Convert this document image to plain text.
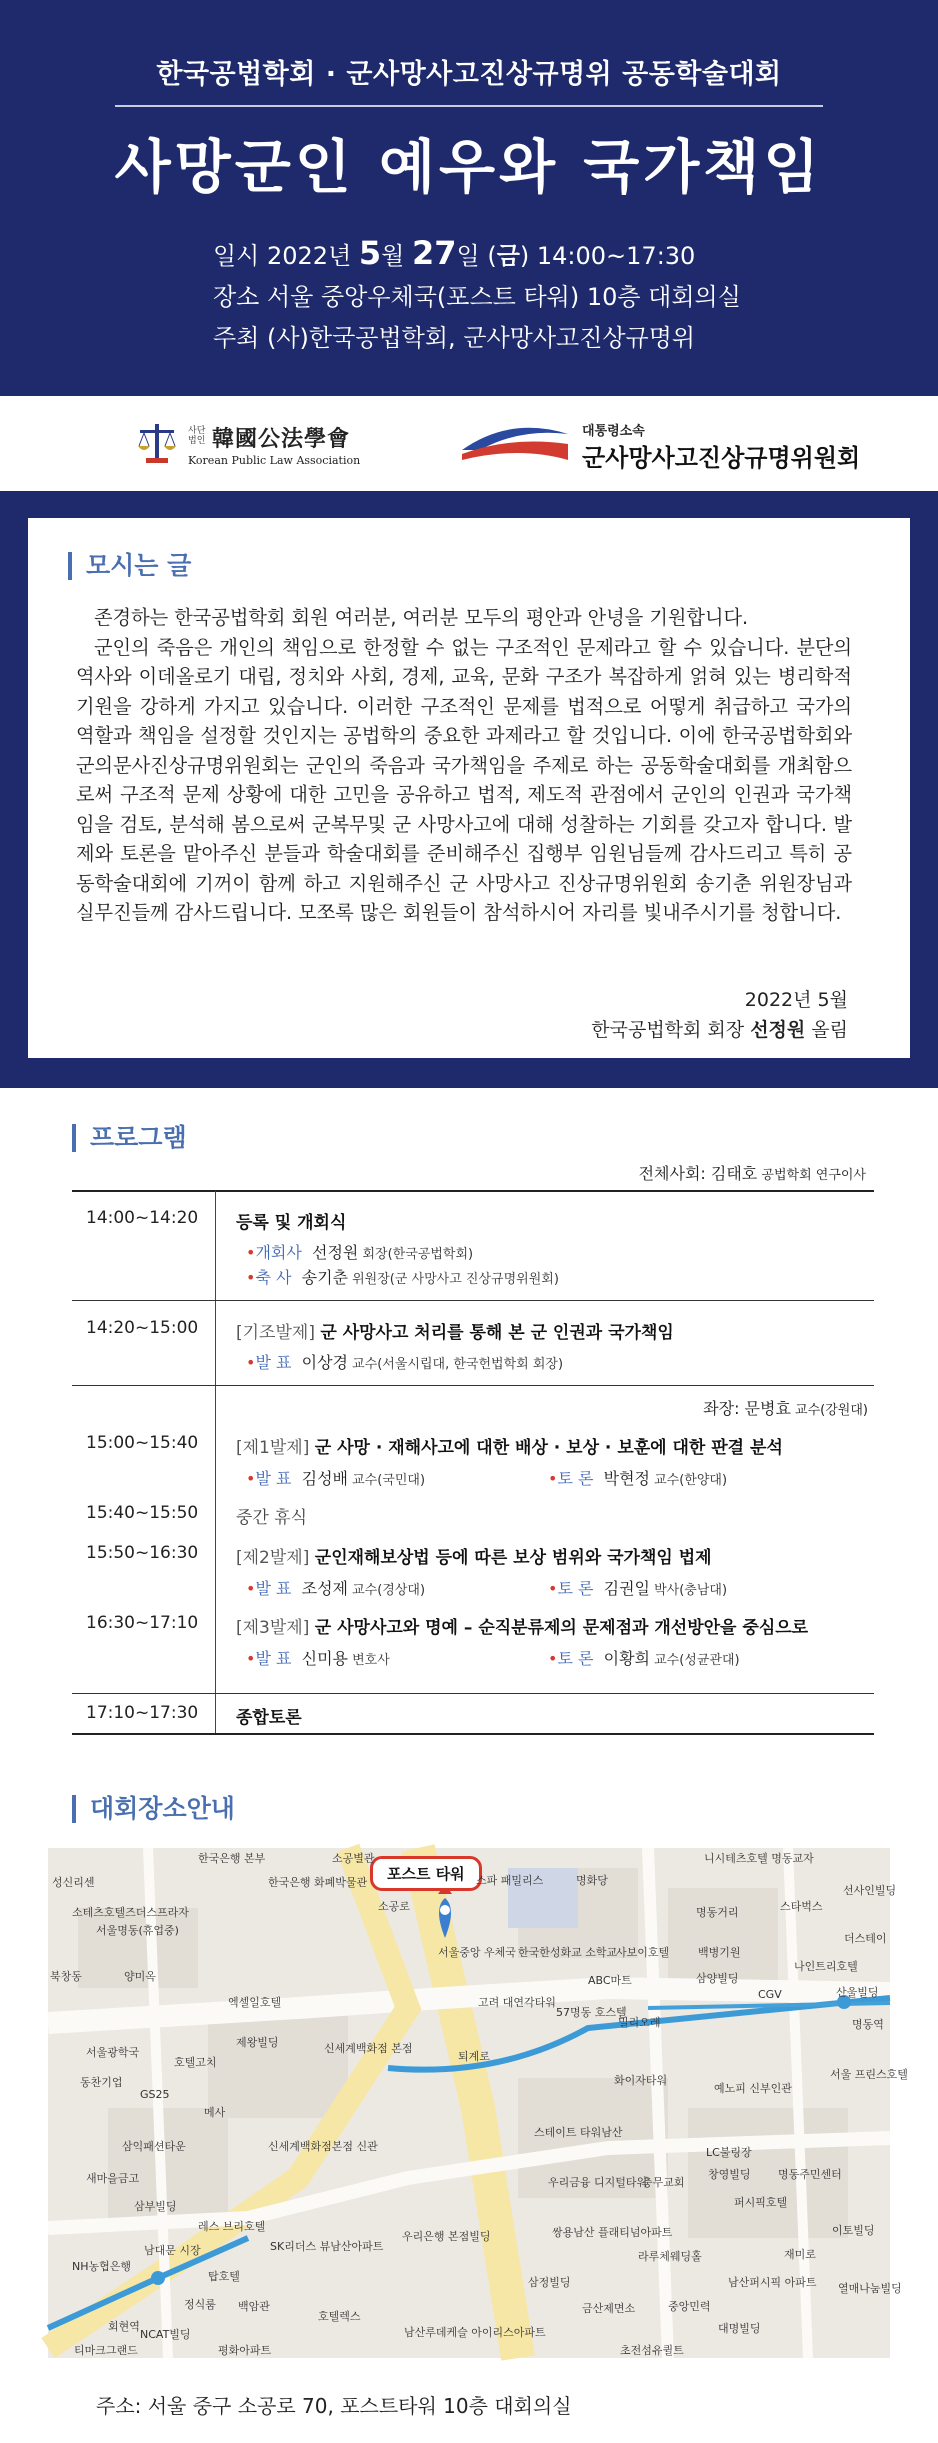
한국공법학회 · 군사망사고진상규명위 공동학술대회
사망군인 예우와 국가책임
일시 2022년 5월 27일 (금) 14:00~17:30
장소 서울 중앙우체국(포스트 타워) 10층 대회의실
주최 (사)한국공법학회, 군사망사고진상규명위
사단
법인 韓國公法學會
Korean Public Law Association
대통령소속
군사망사고진상규명위원회
모시는 글

존경하는 한국공법학회 회원 여러분, 여러분 모두의 평안과 안녕을 기원합니다.

군인의 죽음은 개인의 책임으로 한정할 수 없는 구조적인 문제라고 할 수 있습니다. 분단의 역사와 이데올로기 대립, 정치와 사회, 경제, 교육, 문화 구조가 복잡하게 얽혀 있는 병리학적 기원을 강하게 가지고 있습니다. 이러한 구조적인 문제를 법적으로 어떻게 취급하고 국가의 역할과 책임을 설정할 것인지는 공법학의 중요한 과제라고 할 것입니다. 이에 한국공법학회와 군의문사진상규명위원회는 군인의 죽음과 국가책임을 주제로 하는 공동학술대회를 개최함으로써 구조적 문제 상황에 대한 고민을 공유하고 법적, 제도적 관점에서 군인의 인권과 국가책임을 검토, 분석해 봄으로써 군복무및 군 사망사고에 대해 성찰하는 기회를 갖고자 합니다. 발제와 토론을 맡아주신 분들과 학술대회를 준비해주신 집행부 임원님들께 감사드리고 특히 공동학술대회에 기꺼이 함께 하고 지원해주신 군 사망사고 진상규명위원회 송기춘 위원장님과 실무진들께 감사드립니다. 모쪼록 많은 회원들이 참석하시어 자리를 빛내주시기를 청합니다.

2022년 5월
한국공법학회 회장 선정원 올림
프로그램
전체사회: 김태호 공법학회 연구이사
14:00~14:20 등록 및 개회식
•개회사 선정원 회장(한국공법학회)
•축 사 송기춘 위원장(군 사망사고 진상규명위원회)
14:20~15:00 [기조발제] 군 사망사고 처리를 통해 본 군 인권과 국가책임
•발 표 이상경 교수(서울시립대, 한국헌법학회 회장)
좌장: 문병효 교수(강원대)
15:00~15:40 [제1발제] 군 사망 · 재해사고에 대한 배상 · 보상 · 보훈에 대한 판결 분석
•발 표 김성배 교수(국민대)	•토 론 박현정 교수(한양대)
15:40~15:50 중간 휴식
15:50~16:30 [제2발제] 군인재해보상법 등에 따른 보상 범위와 국가책임 법제
•발 표 조성제 교수(경상대)	•토 론 김권일 박사(충남대)
16:30~17:10 [제3발제] 군 사망사고와 명예 – 순직분류제의 문제점과 개선방안을 중심으로
•발 표 신미용 변호사	•토 론 이황희 교수(성균관대)
17:10~17:30 종합토론
대회장소안내
포스트 타워
한국은행 본부
한국은행 화폐박물관
소공별관
스파 패밀리스	명화당
니시테츠호텔 명동교자
스타벅스
선사인빌딩
성신리센
소테츠호텔즈더스프라자
서울명동(휴업중)
명동거리
더스테이
북창동	양미옥
서울중앙 우체국 한국한성화교 소학교
사보이호텔	백병기원
나인트리호텔
산울빌딩
ABC마트	삼양빌딩
CGV
엑셀일호텔	고려 대연각타워
57명동 호스텔
밀리오레	명동역
서울광학국
제왕빌딩	신세계백화점 본점
GS25
호텔고치
메사
서울 프린스호텔
동찬기업	화이자타워
예노피 신부인관
삼익패션타운	신세계백화점본점 신관
스테이트 타워남산
우리금융 디지털타워
충무교회
LC불링장
창영빌딩 명동주민센터
새마을금고
삼부빌딩
레스 브리호텔
우리은행 본점빌딩
퍼시픽호텔
이토빌딩
남대문 시장	SK리더스 뷰남산아파트
쌍용남산 플래티넘아파트
라루체웨딩홀	재미로
NH농협은행
탑호텔
회현역
삼정빌딩	남산퍼시픽 아파트 열매나눔빌딩
정식룸 백암관	금산제면소	중앙민력
호텔렉스
대명빌딩
NCAT빌딩
평화아파트
남산루데케슬 아이리스아파트
초전섬유퀼트
티마크그랜드
퇴계로
소공로
주소: 서울 중구 소공로 70, 포스트타워 10층 대회의실
